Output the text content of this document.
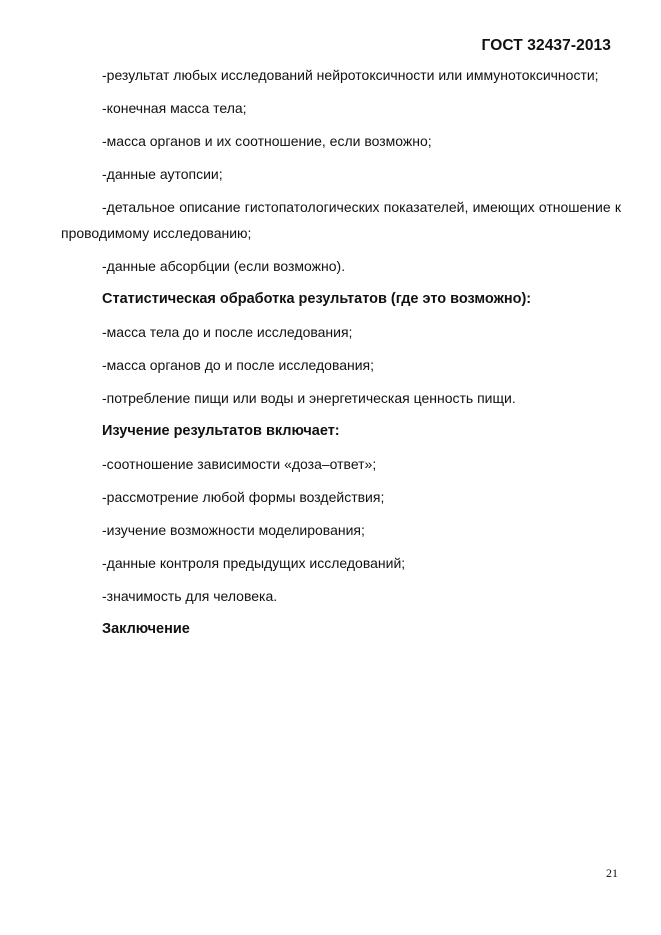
ГОСТ 32437-2013

-результат любых исследований нейротоксичности или иммунотоксичности;

-конечная масса тела;

-масса органов и их соотношение, если возможно;

-данные аутопсии;

-детальное описание гистопатологических показателей, имеющих отношение к проводимому исследованию;

-данные абсорбции (если возможно).

Статистическая обработка результатов (где это возможно):

-масса тела до и после исследования;

-масса органов до и после исследования;

-потребление пищи или воды и энергетическая ценность пищи.

Изучение результатов включает:

-соотношение зависимости «доза–ответ»;

-рассмотрение любой формы воздействия;

-изучение возможности моделирования;

-данные контроля предыдущих исследований;

-значимость для человека.

Заключение

21
